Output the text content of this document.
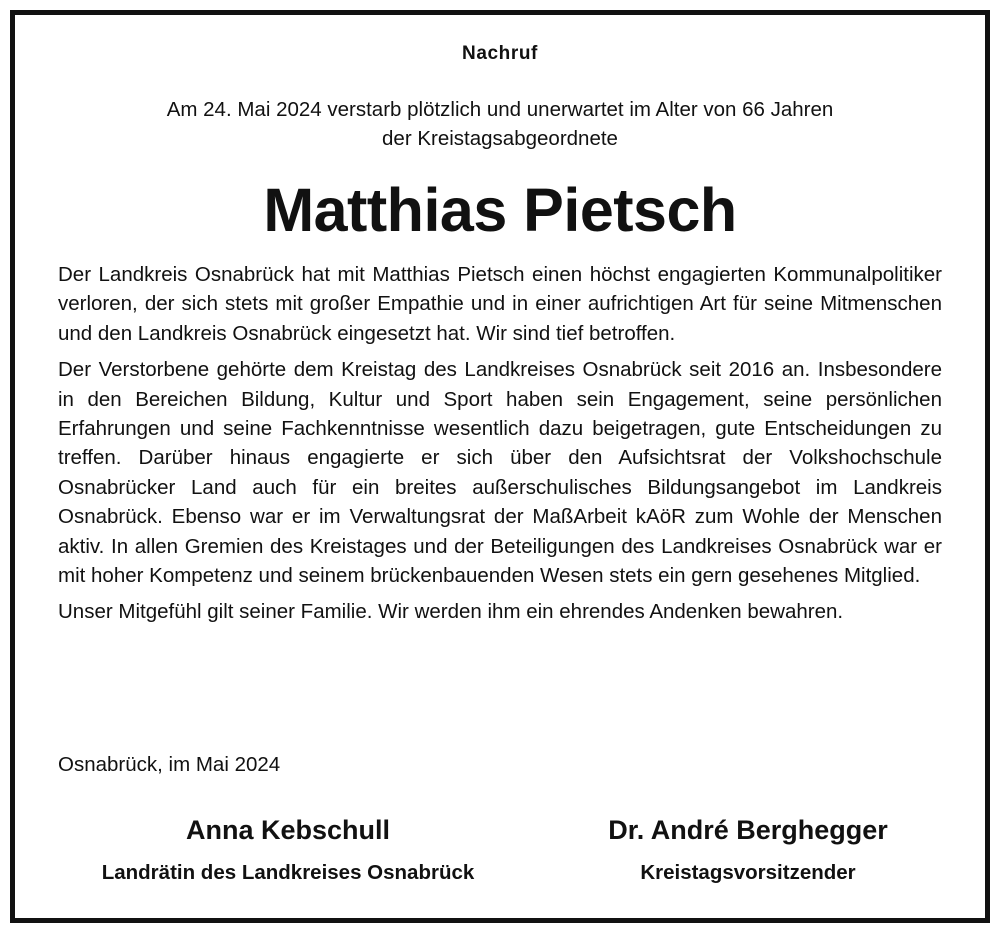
Nachruf
Am 24. Mai 2024 verstarb plötzlich und unerwartet im Alter von 66 Jahren
der Kreistagsabgeordnete
Matthias Pietsch

Der Landkreis Osnabrück hat mit Matthias Pietsch einen höchst engagierten Kommunalpolitiker verloren, der sich stets mit großer Empathie und in einer aufrichtigen Art für seine Mitmenschen und den Landkreis Osnabrück eingesetzt hat. Wir sind tief betroffen.

Der Verstorbene gehörte dem Kreistag des Landkreises Osnabrück seit 2016 an. Insbesondere in den Bereichen Bildung, Kultur und Sport haben sein Engagement, seine persönlichen Erfahrungen und seine Fachkenntnisse wesentlich dazu beigetragen, gute Entscheidungen zu treffen. Darüber hinaus engagierte er sich über den Aufsichtsrat der Volkshochschule Osnabrücker Land auch für ein breites außerschulisches Bildungsangebot im Landkreis Osnabrück. Ebenso war er im Verwaltungsrat der MaßArbeit kAöR zum Wohle der Menschen aktiv. In allen Gremien des Kreistages und der Beteiligungen des Landkreises Osnabrück war er mit hoher Kompetenz und seinem brückenbauenden Wesen stets ein gern gesehenes Mitglied.

Unser Mitgefühl gilt seiner Familie. Wir werden ihm ein ehrendes Andenken bewahren.

Osnabrück, im Mai 2024
Anna Kebschull
Landrätin des Landkreises Osnabrück
Dr. André Berghegger
Kreistagsvorsitzender
